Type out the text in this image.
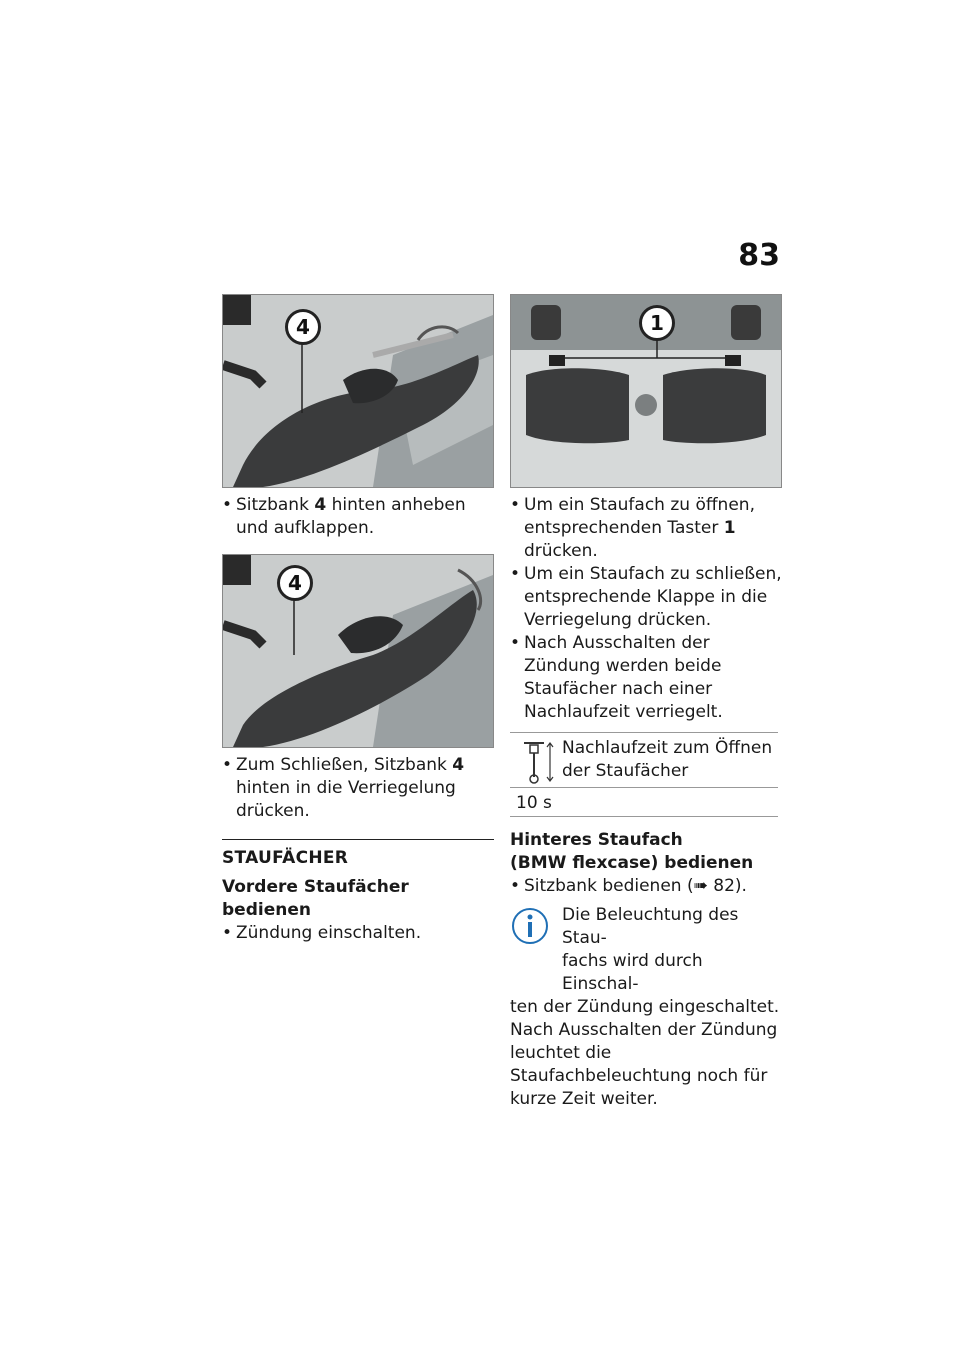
83
4

• Sitzbank 4 hinten anheben und aufklappen.

4

• Zum Schließen, Sitzbank 4 hinten in die Verriegelung drücken.

STAUFÄCHER
Vordere Staufächer bedienen

• Zündung einschalten.

1

• Um ein Staufach zu öffnen, entsprechenden Taster 1 drücken.

• Um ein Staufach zu schließen, entsprechende Klappe in die Verriegelung drücken.

• Nach Ausschalten der Zündung werden beide Staufächer nach einer Nachlaufzeit verriegelt.

Nachlaufzeit zum Öffnen der Staufächer
10 s
Hinteres Staufach
(BMW flexcase) bedienen

• Sitzbank bedienen (➠ 82).

Die Beleuchtung des Stau-
fachs wird durch Einschal-
ten der Zündung eingeschaltet. Nach Ausschalten der Zündung leuchtet die Staufachbeleuchtung noch für kurze Zeit weiter.
